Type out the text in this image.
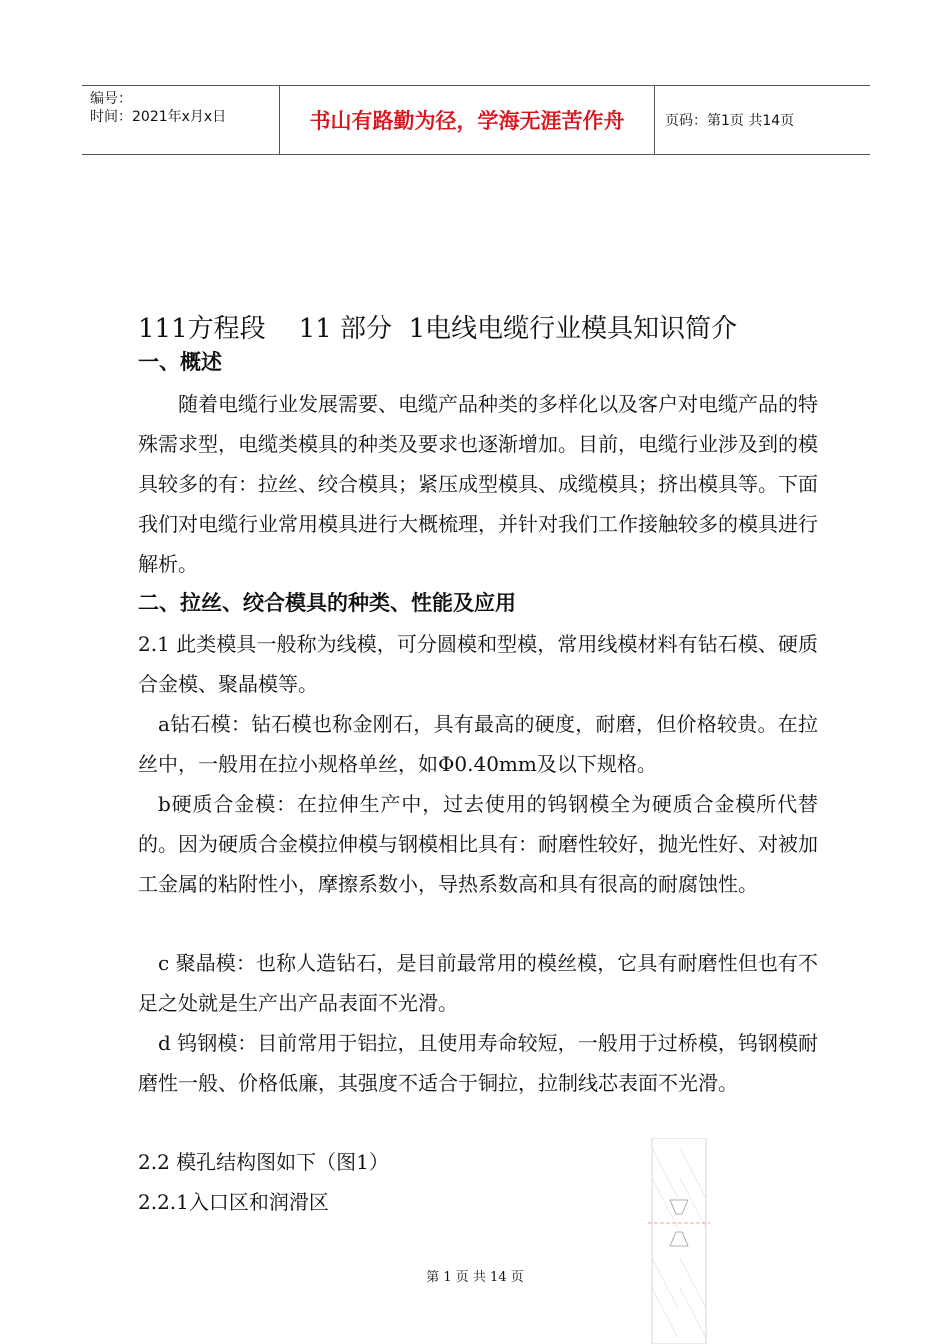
编号：
时间：2021年x月x日	书山有路勤为径，学海无涯苦作舟	页码：第1页 共14页
111方程段    11 部分  1电线电缆行业模具知识简介
一、概述
随着电缆行业发展需要、电缆产品种类的多样化以及客户对电缆产品的特殊需求型，电缆类模具的种类及要求也逐渐增加。目前，电缆行业涉及到的模具较多的有：拉丝、绞合模具；紧压成型模具、成缆模具；挤出模具等。下面我们对电缆行业常用模具进行大概梳理，并针对我们工作接触较多的模具进行解析。
二、拉丝、绞合模具的种类、性能及应用
2.1 此类模具一般称为线模，可分圆模和型模，常用线模材料有钻石模、硬质合金模、聚晶模等。
a钻石模：钻石模也称金刚石，具有最高的硬度，耐磨，但价格较贵。在拉丝中，一般用在拉小规格单丝，如Φ0.40mm及以下规格。
b硬质合金模：在拉伸生产中，过去使用的钨钢模全为硬质合金模所代替的。因为硬质合金模拉伸模与钢模相比具有：耐磨性较好，抛光性好、对被加工金属的粘附性小，摩擦系数小，导热系数高和具有很高的耐腐蚀性。
c 聚晶模：也称人造钻石，是目前最常用的模丝模，它具有耐磨性但也有不足之处就是生产出产品表面不光滑。
d 钨钢模：目前常用于铝拉，且使用寿命较短，一般用于过桥模，钨钢模耐磨性一般、价格低廉，其强度不适合于铜拉，拉制线芯表面不光滑。
2.2 模孔结构图如下（图1）
2.2.1入口区和润滑区
第 1 页 共 14 页
